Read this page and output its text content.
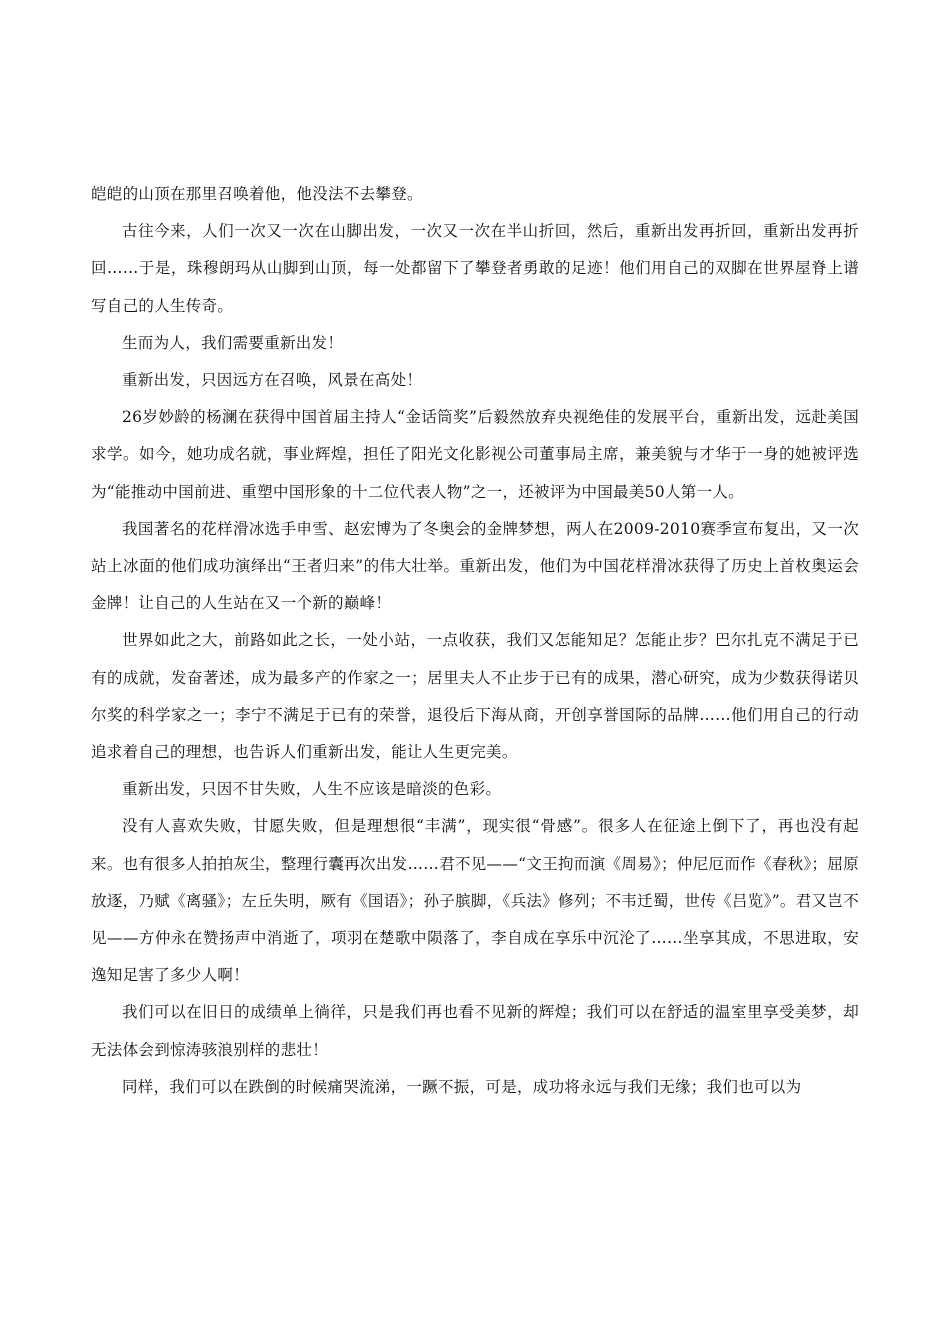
皑皑的山顶在那里召唤着他，他没法不去攀登。

古往今来，人们一次又一次在山脚出发，一次又一次在半山折回，然后，重新出发再折回，重新出发再折回……于是，珠穆朗玛从山脚到山顶，每一处都留下了攀登者勇敢的足迹！他们用自己的双脚在世界屋脊上谱写自己的人生传奇。

生而为人，我们需要重新出发！

重新出发，只因远方在召唤，风景在高处！

26岁妙龄的杨澜在获得中国首届主持人“金话筒奖”后毅然放弃央视绝佳的发展平台，重新出发，远赴美国求学。如今，她功成名就，事业辉煌，担任了阳光文化影视公司董事局主席，兼美貌与才华于一身的她被评选为“能推动中国前进、重塑中国形象的十二位代表人物”之一，还被评为中国最美50人第一人。

我国著名的花样滑冰选手申雪、赵宏博为了冬奥会的金牌梦想，两人在2009-2010赛季宣布复出，又一次站上冰面的他们成功演绎出“王者归来”的伟大壮举。重新出发，他们为中国花样滑冰获得了历史上首枚奥运会金牌！让自己的人生站在又一个新的巅峰！

世界如此之大，前路如此之长，一处小站，一点收获，我们又怎能知足？怎能止步？巴尔扎克不满足于已有的成就，发奋著述，成为最多产的作家之一；居里夫人不止步于已有的成果，潜心研究，成为少数获得诺贝尔奖的科学家之一；李宁不满足于已有的荣誉，退役后下海从商，开创享誉国际的品牌……他们用自己的行动追求着自己的理想，也告诉人们重新出发，能让人生更完美。

重新出发，只因不甘失败，人生不应该是暗淡的色彩。

没有人喜欢失败，甘愿失败，但是理想很“丰满”，现实很“骨感”。很多人在征途上倒下了，再也没有起来。也有很多人拍拍灰尘，整理行囊再次出发……君不见——“文王拘而演《周易》；仲尼厄而作《春秋》；屈原放逐，乃赋《离骚》；左丘失明，厥有《国语》；孙子膑脚，《兵法》修列；不韦迁蜀，世传《吕览》”。君又岂不见——方仲永在赞扬声中消逝了，项羽在楚歌中陨落了，李自成在享乐中沉沦了……坐享其成，不思进取，安逸知足害了多少人啊！

我们可以在旧日的成绩单上徜徉，只是我们再也看不见新的辉煌；我们可以在舒适的温室里享受美梦，却无法体会到惊涛骇浪别样的悲壮！

同样，我们可以在跌倒的时候痛哭流涕，一蹶不振，可是，成功将永远与我们无缘；我们也可以为
